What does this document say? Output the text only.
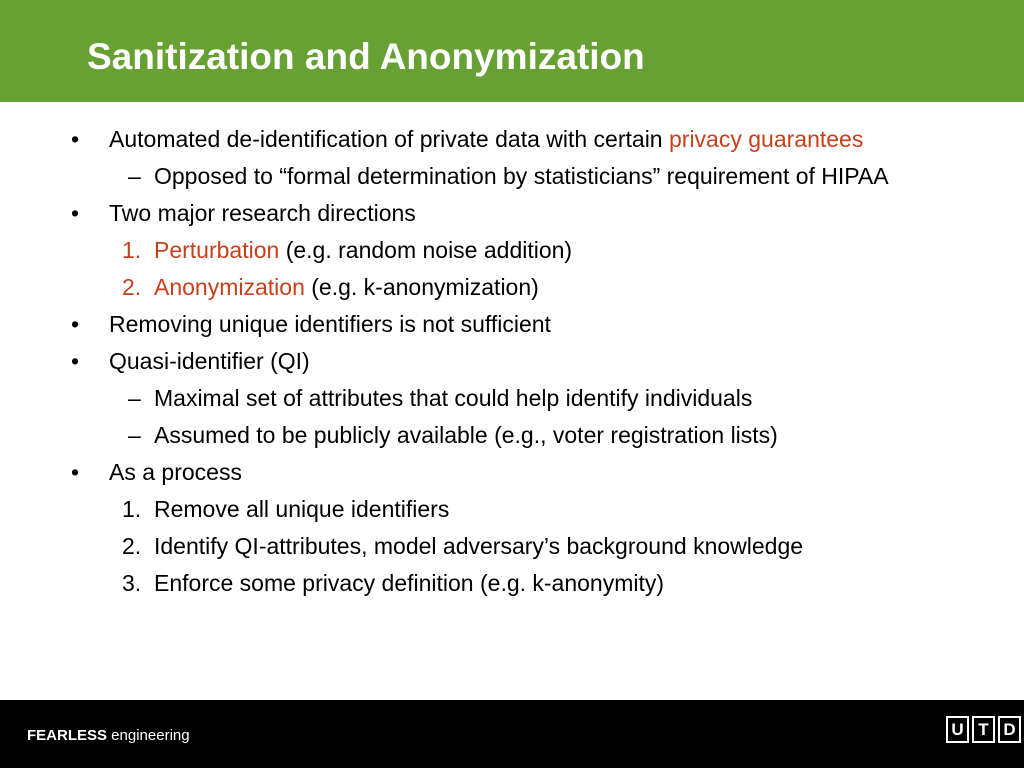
Sanitization and Anonymization
• Automated de-identification of private data with certain privacy guarantees
– Opposed to “formal determination by statisticians” requirement of HIPAA
• Two major research directions
1. Perturbation (e.g. random noise addition)
2. Anonymization (e.g. k-anonymization)
• Removing unique identifiers is not sufficient
• Quasi-identifier (QI)
– Maximal set of attributes that could help identify individuals
– Assumed to be publicly available (e.g., voter registration lists)
• As a process
1. Remove all unique identifiers
2. Identify QI-attributes, model adversary’s background knowledge
3. Enforce some privacy definition (e.g. k-anonymity)
FEARLESS engineering	U T D
